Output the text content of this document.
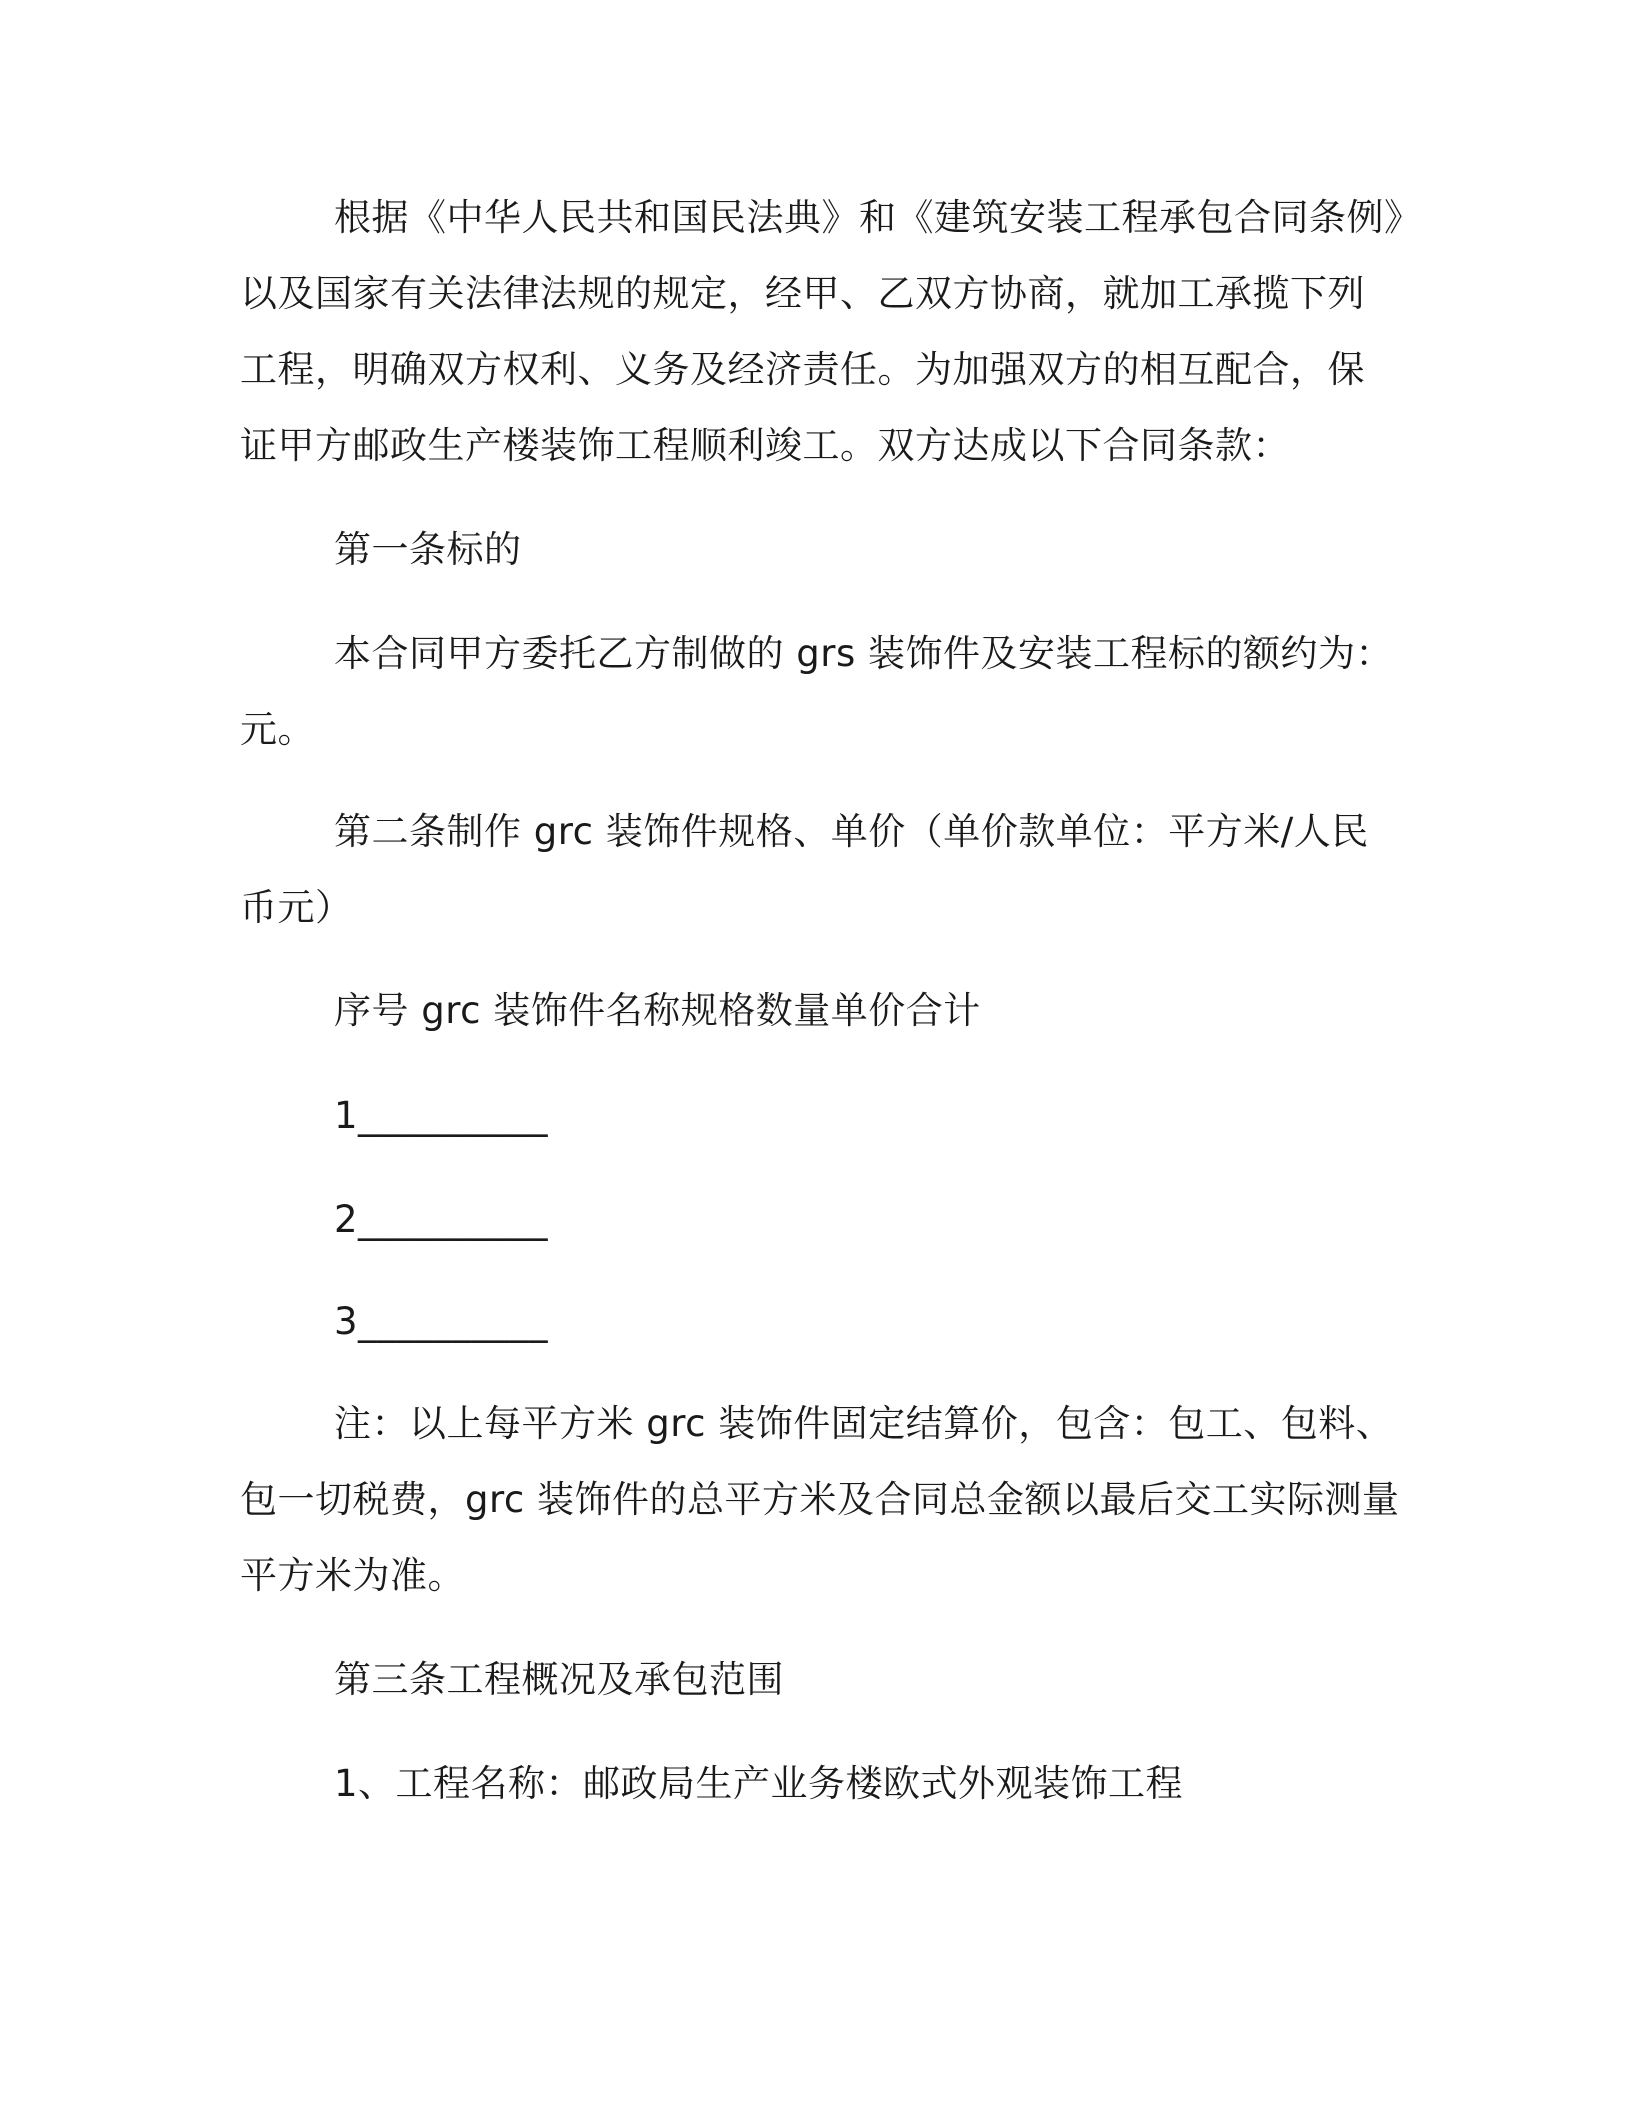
根据《中华人民共和国民法典》和《建筑安装工程承包合同条例》
以及国家有关法律法规的规定，经甲、乙双方协商，就加工承揽下列
工程，明确双方权利、义务及经济责任。为加强双方的相互配合，保
证甲方邮政生产楼装饰工程顺利竣工。双方达成以下合同条款：
第一条标的
本合同甲方委托乙方制做的 grs 装饰件及安装工程标的额约为：
元。
第二条制作 grc 装饰件规格、单价（单价款单位：平方米/人民
币元）
序号 grc 装饰件名称规格数量单价合计
1__________
2__________
3__________
注：以上每平方米 grc 装饰件固定结算价，包含：包工、包料、
包一切税费，grc 装饰件的总平方米及合同总金额以最后交工实际测量
平方米为准。
第三条工程概况及承包范围
1、工程名称：邮政局生产业务楼欧式外观装饰工程
